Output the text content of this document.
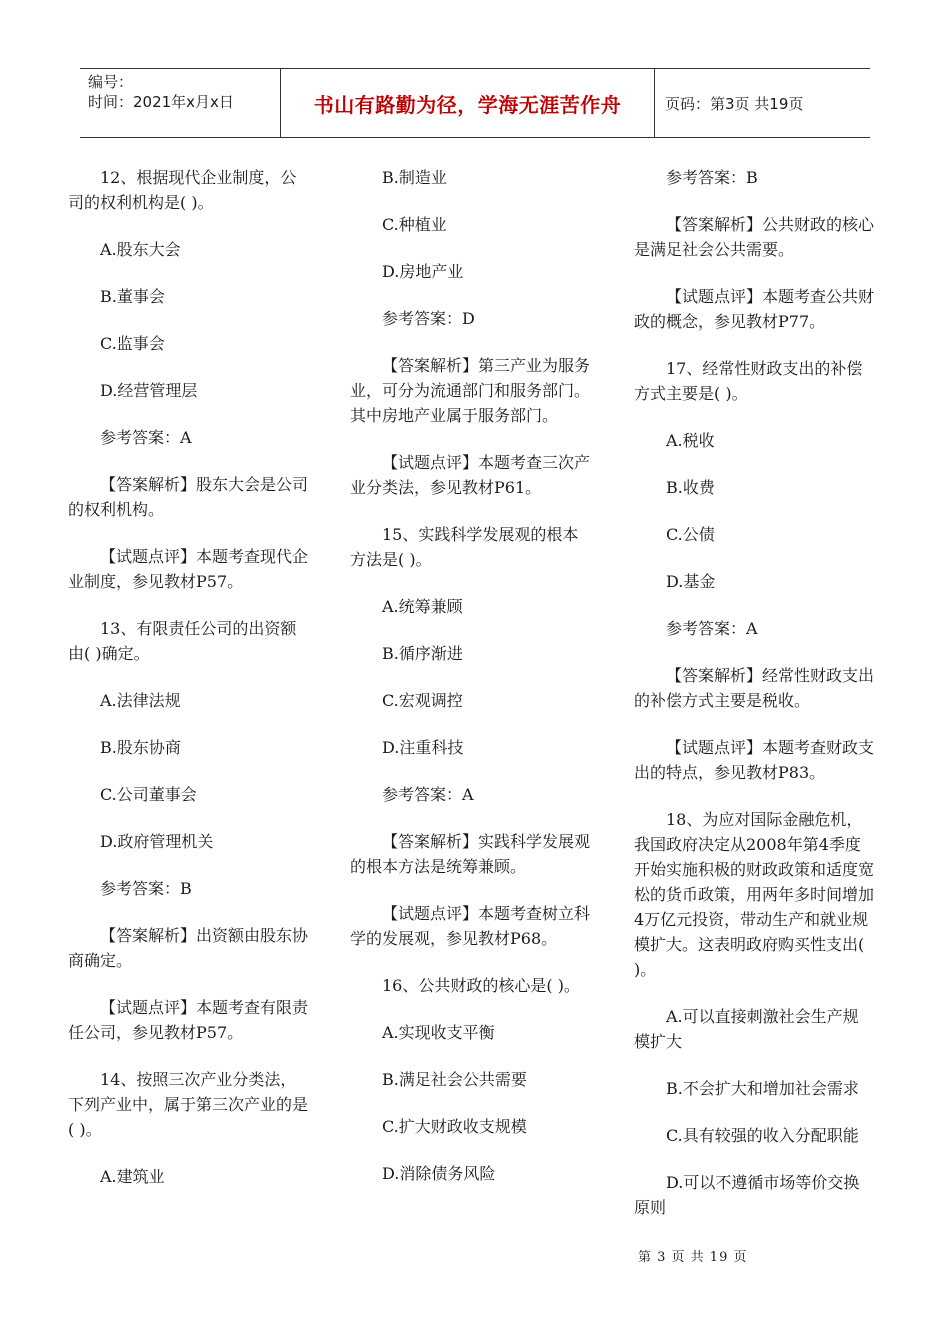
编号：
时间：2021年x月x日	书山有路勤为径，学海无涯苦作舟	页码：第3页 共19页

12、根据现代企业制度，公司的权利机构是( )。

A.股东大会

B.董事会

C.监事会

D.经营管理层

参考答案：A

【答案解析】股东大会是公司的权利机构。

【试题点评】本题考查现代企业制度，参见教材P57。

13、有限责任公司的出资额由( )确定。

A.法律法规

B.股东协商

C.公司董事会

D.政府管理机关

参考答案：B

【答案解析】出资额由股东协商确定。

【试题点评】本题考查有限责任公司，参见教材P57。

14、按照三次产业分类法，下列产业中，属于第三次产业的是( )。

A.建筑业

B.制造业

C.种植业

D.房地产业

参考答案：D

【答案解析】第三产业为服务业，可分为流通部门和服务部门。其中房地产业属于服务部门。

【试题点评】本题考查三次产业分类法，参见教材P61。

15、实践科学发展观的根本方法是( )。

A.统筹兼顾

B.循序渐进

C.宏观调控

D.注重科技

参考答案：A

【答案解析】实践科学发展观的根本方法是统筹兼顾。

【试题点评】本题考查树立科学的发展观，参见教材P68。

16、公共财政的核心是( )。

A.实现收支平衡

B.满足社会公共需要

C.扩大财政收支规模

D.消除债务风险

参考答案：B

【答案解析】公共财政的核心是满足社会公共需要。

【试题点评】本题考查公共财政的概念，参见教材P77。

17、经常性财政支出的补偿方式主要是( )。

A.税收

B.收费

C.公债

D.基金

参考答案：A

【答案解析】经常性财政支出的补偿方式主要是税收。

【试题点评】本题考查财政支出的特点，参见教材P83。

18、为应对国际金融危机，我国政府决定从2008年第4季度开始实施积极的财政政策和适度宽松的货币政策，用两年多时间增加4万亿元投资，带动生产和就业规模扩大。这表明政府购买性支出( )。

A.可以直接刺激社会生产规模扩大

B.不会扩大和增加社会需求

C.具有较强的收入分配职能

D.可以不遵循市场等价交换原则

第 3 页 共 19 页
